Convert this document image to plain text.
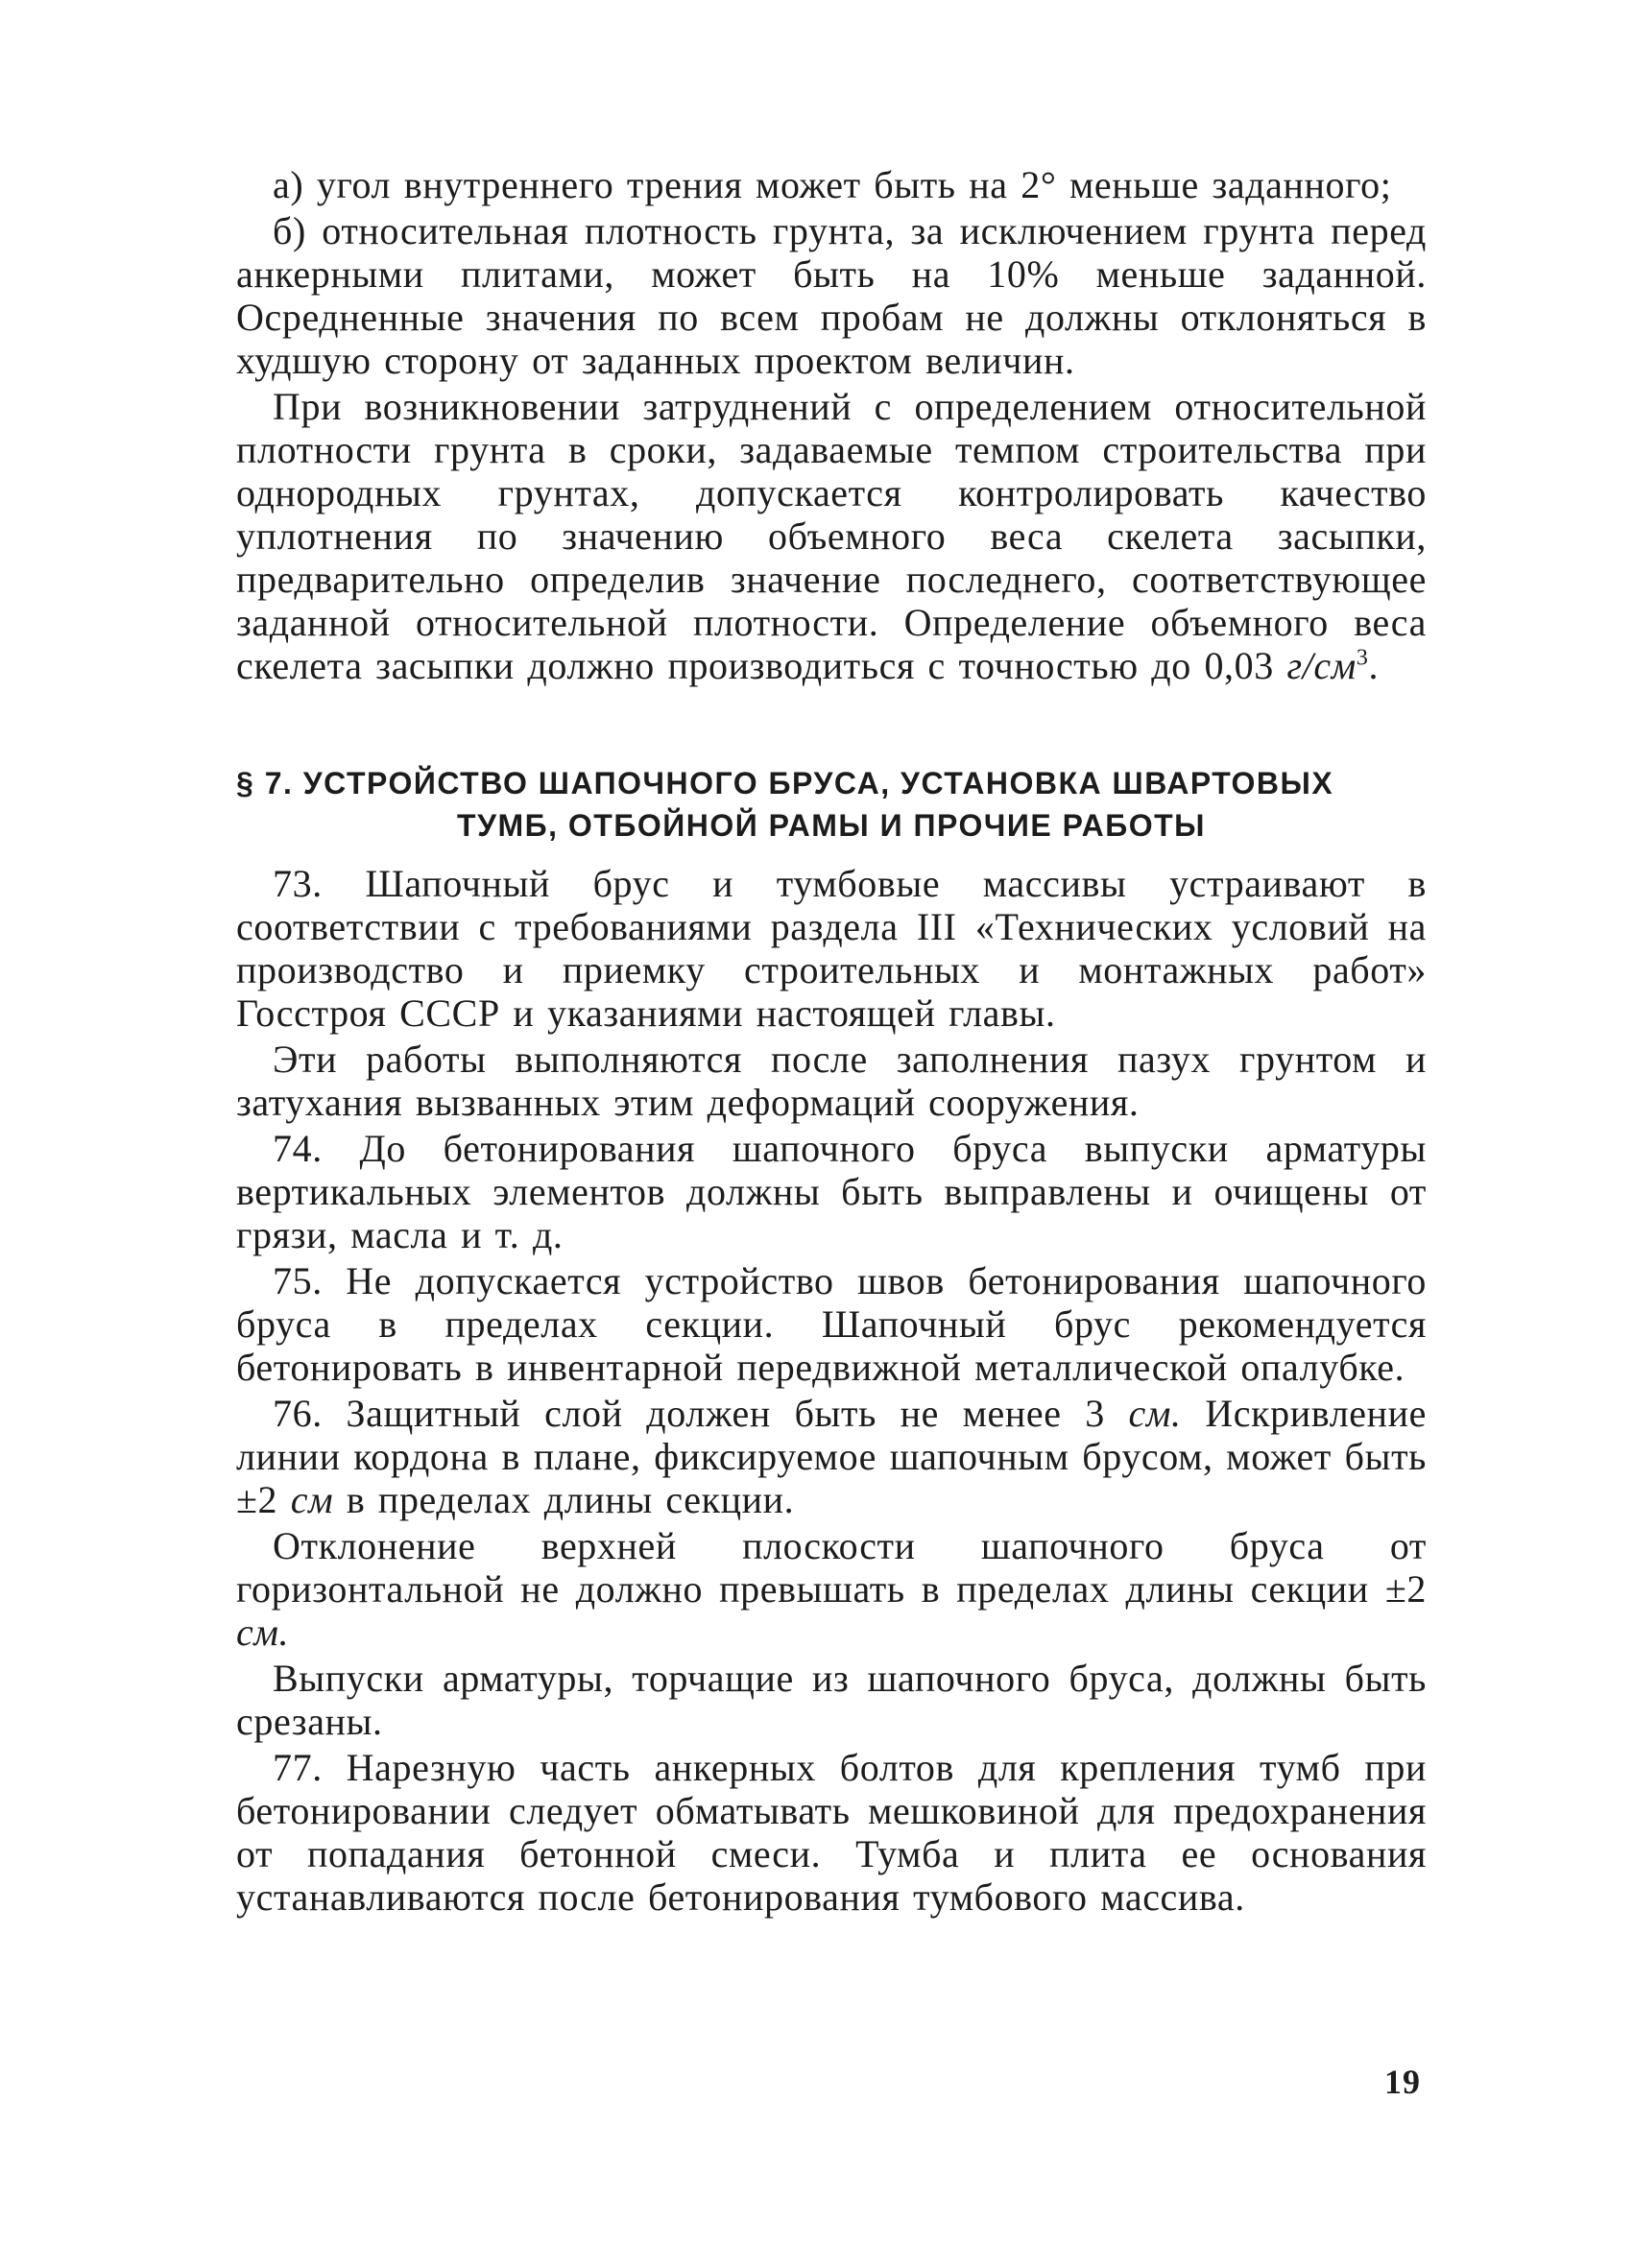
а) угол внутреннего трения может быть на 2° меньше заданного;

б) относительная плотность грунта, за исключением грунта перед анкерными плитами, может быть на 10% меньше заданной. Осредненные значения по всем пробам не должны отклоняться в худшую сторону от заданных проектом величин.

При возникновении затруднений с определением относительной плотности грунта в сроки, задаваемые темпом строительства при однородных грунтах, допускается контролировать качество уплотнения по значению объемного веса скелета засыпки, предварительно определив значение последнего, соответствующее заданной относительной плотности. Определение объемного веса скелета засыпки должно производиться с точностью до 0,03 $г/см^3$.

§ 7. УСТРОЙСТВО ШАПОЧНОГО БРУСА, УСТАНОВКА ШВАРТОВЫХ
ТУМБ, ОТБОЙНОЙ РАМЫ И ПРОЧИЕ РАБОТЫ

73. Шапочный брус и тумбовые массивы устраивают в соответствии с требованиями раздела III «Технических условий на производство и приемку строительных и монтажных работ» Госстроя СССР и указаниями настоящей главы.

Эти работы выполняются после заполнения пазух грунтом и затухания вызванных этим деформаций сооружения.

74. До бетонирования шапочного бруса выпуски арматуры вертикальных элементов должны быть выправлены и очищены от грязи, масла и т. д.

75. Не допускается устройство швов бетонирования шапочного бруса в пределах секции. Шапочный брус рекомендуется бетонировать в инвентарной передвижной металлической опалубке.

76. Защитный слой должен быть не менее 3 см. Искривление линии кордона в плане, фиксируемое шапочным брусом, может быть ±2 см в пределах длины секции.

Отклонение верхней плоскости шапочного бруса от горизонтальной не должно превышать в пределах длины секции ±2 см.

Выпуски арматуры, торчащие из шапочного бруса, должны быть срезаны.

77. Нарезную часть анкерных болтов для крепления тумб при бетонировании следует обматывать мешковиной для предохранения от попадания бетонной смеси. Тумба и плита ее основания устанавливаются после бетонирования тумбового массива.

19
